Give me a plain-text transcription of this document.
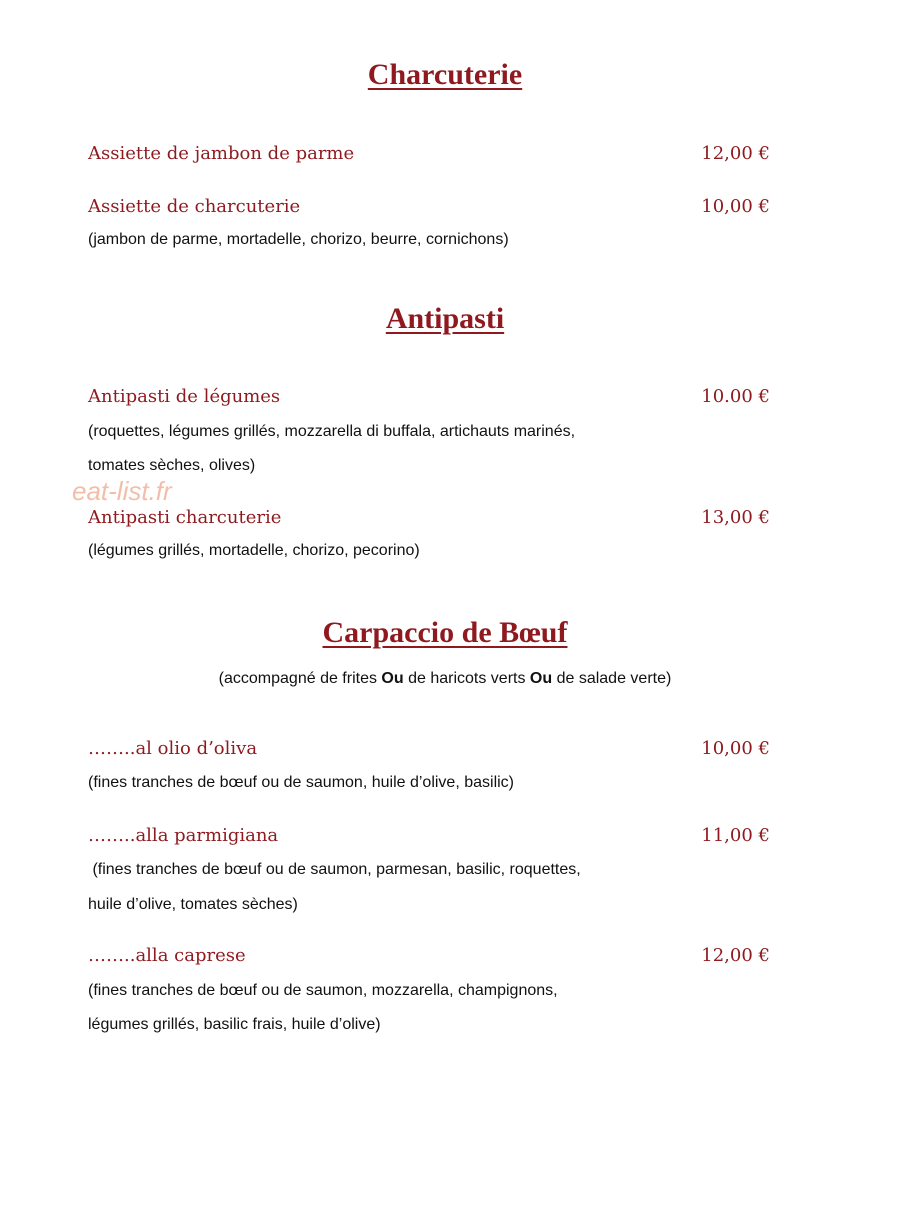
Charcuterie
Assiette de jambon de parme	12,00 €
Assiette de charcuterie	10,00 €
(jambon de parme, mortadelle, chorizo, beurre, cornichons)
Antipasti
Antipasti de légumes	10.00 €
(roquettes, légumes grillés, mozzarella di buffala, artichauts marinés,
tomates sèches, olives)
eat-list.fr
Antipasti charcuterie	13,00 €
(légumes grillés, mortadelle, chorizo, pecorino)
Carpaccio de Bœuf
(accompagné de frites Ou de haricots verts Ou de salade verte)
……..al olio d’oliva	10,00 €
(fines tranches de bœuf ou de saumon, huile d’olive, basilic)
……..alla parmigiana	11,00 €
(fines tranches de bœuf ou de saumon, parmesan, basilic, roquettes,
huile d’olive, tomates sèches)
……..alla caprese	12,00 €
(fines tranches de bœuf ou de saumon, mozzarella, champignons,
légumes grillés, basilic frais, huile d’olive)
